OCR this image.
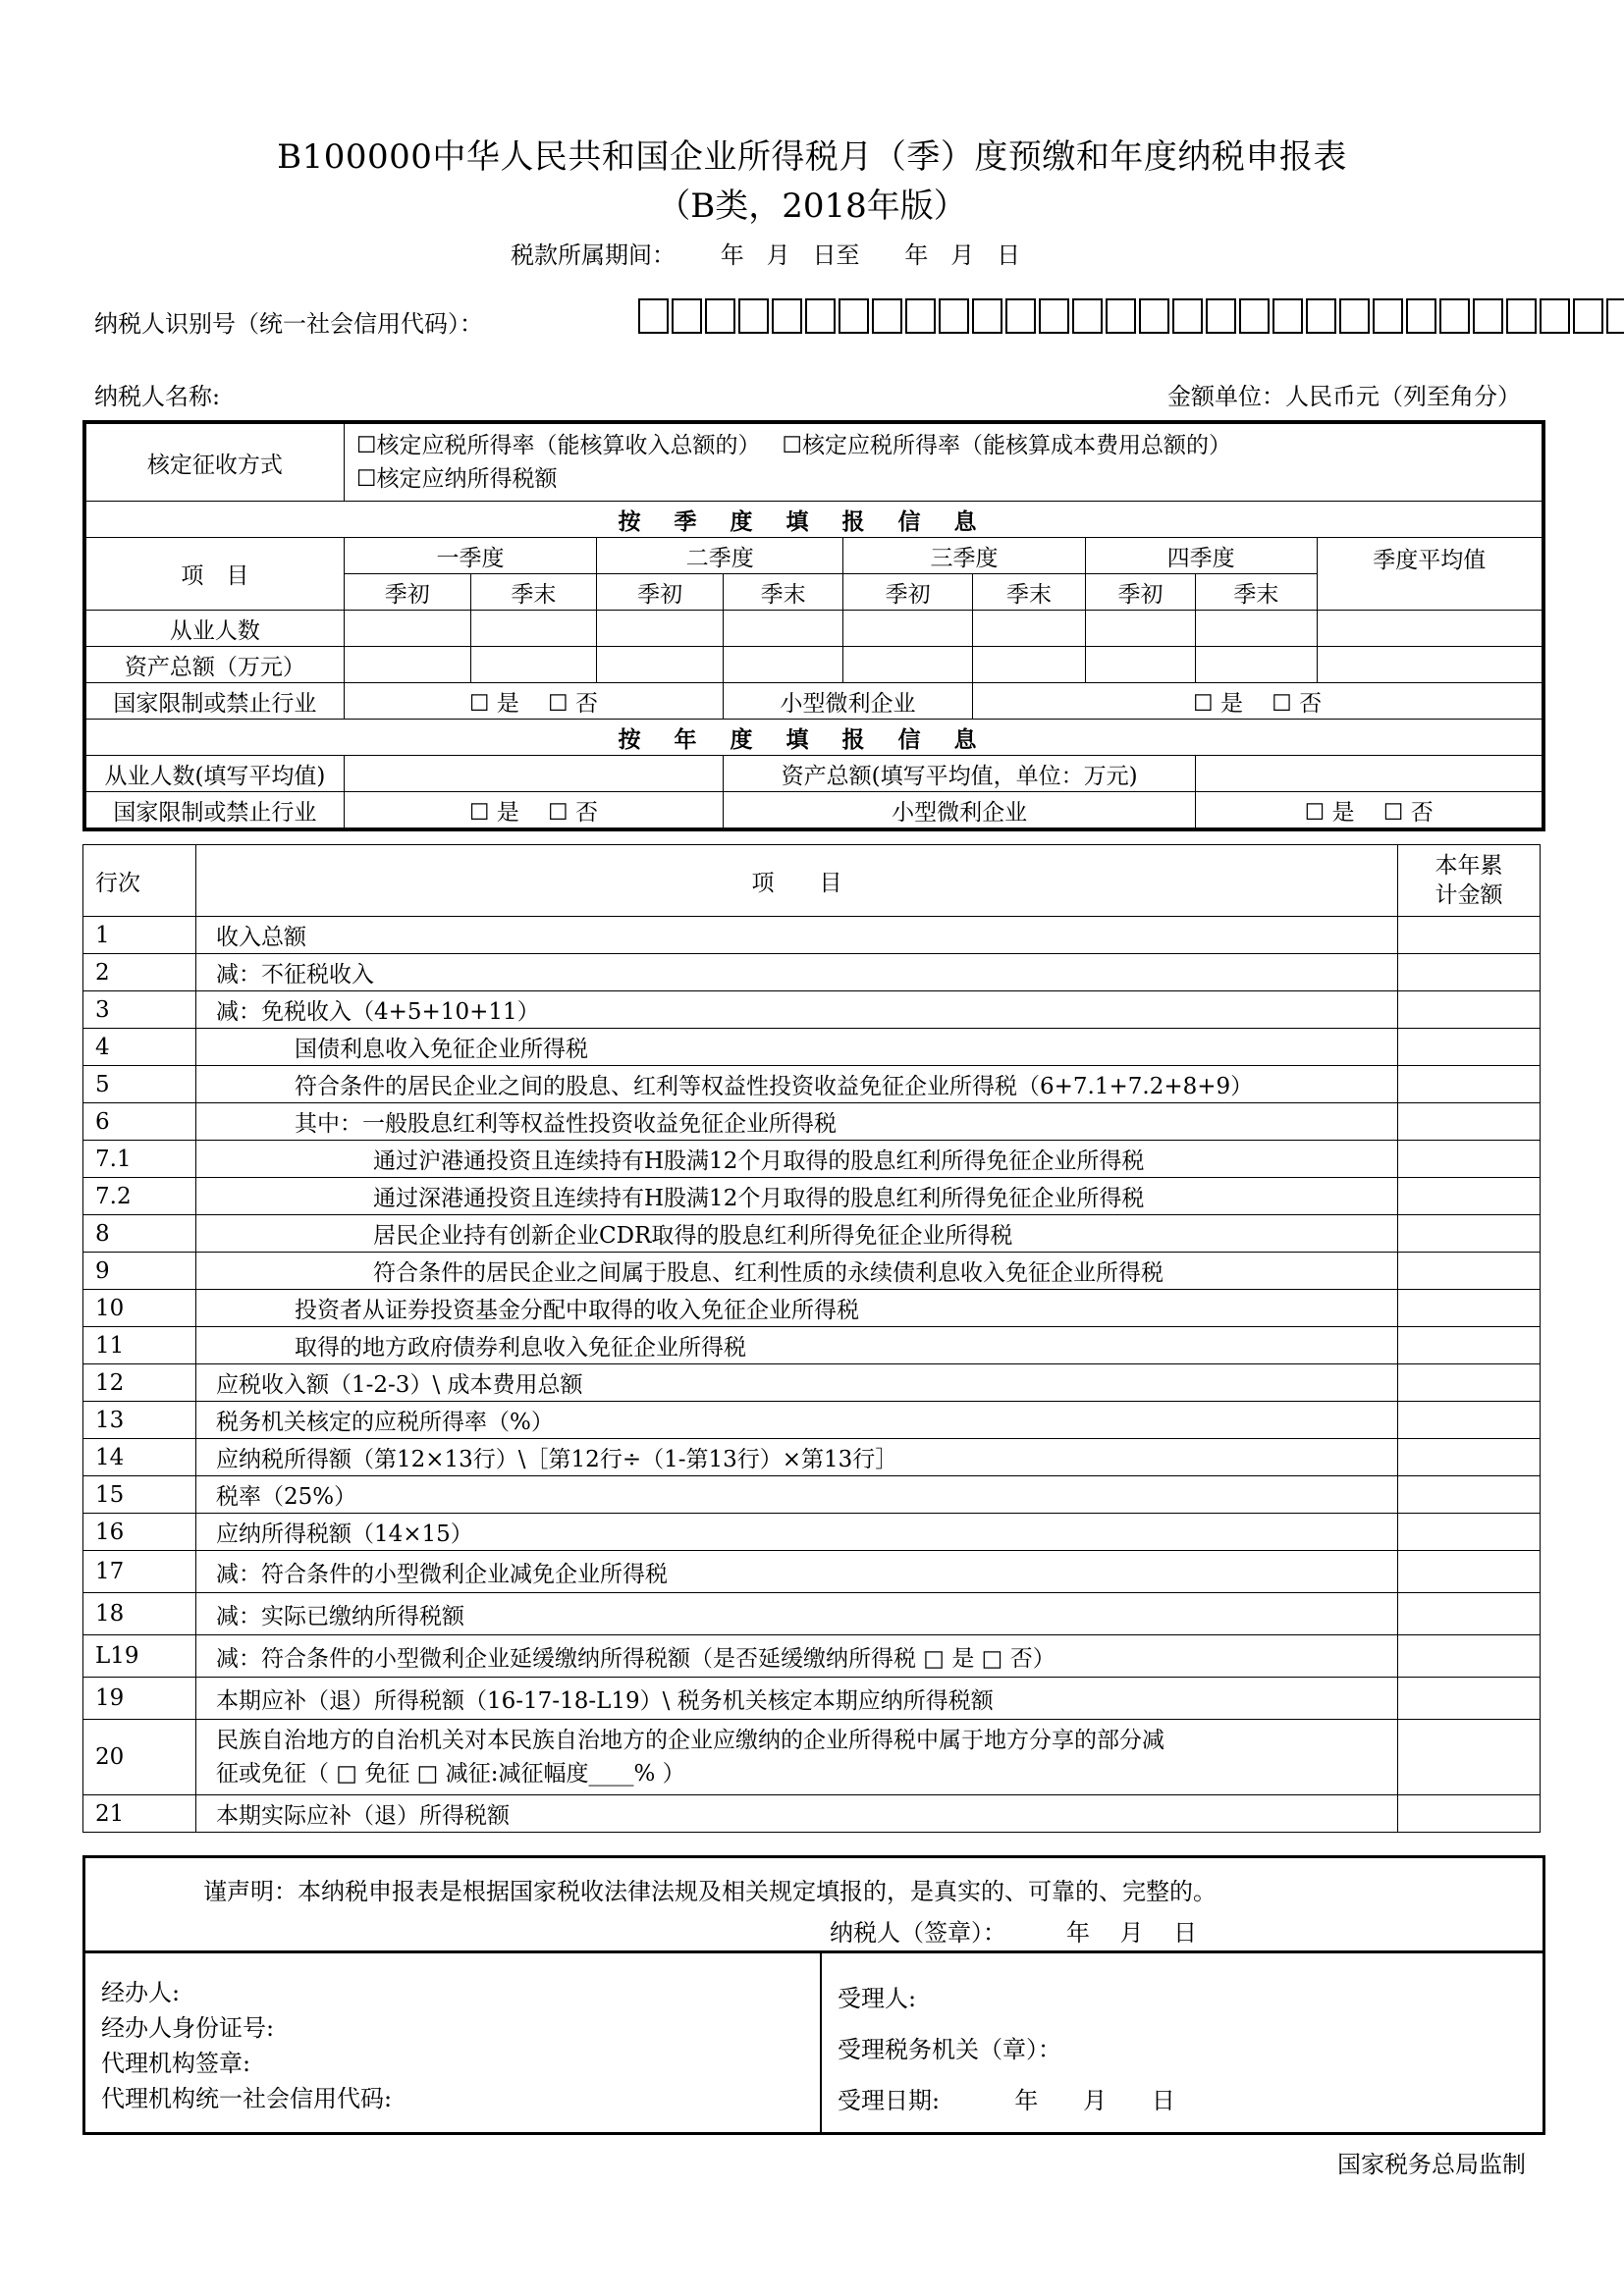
B100000中华人民共和国企业所得税月（季）度预缴和年度纳税申报表
（B类，2018年版）
税款所属期间：      年   月   日至      年   月   日
纳税人识别号（统一社会信用代码）：
纳税人名称:	金额单位：人民币元（列至角分）
核定征收方式	☐核定应税所得率（能核算收入总额的） ☐核定应税所得率（能核算成本费用总额的）
☐核定应纳所得税额								
按季度填报信息									
项　目	一季度		二季度		三季度		四季度		季度平均值
	季初	季末	季初	季末	季初	季末	季初	季末	
从业人数									
资产总额（万元）									
国家限制或禁止行业	☐ 是    ☐ 否			小型微利企业		☐ 是    ☐ 否			
按年度填报信息									
从业人数(填写平均值)				资产总额(填写平均值，单位：万元)					
国家限制或禁止行业	☐ 是    ☐ 否			小型微利企业				☐ 是    ☐ 否	
行次	项　　目	本年累
计金额
1	收入总额	
2	减：不征税收入	
3	减：免税收入（4+5+10+11）	
4	国债利息收入免征企业所得税	
5	符合条件的居民企业之间的股息、红利等权益性投资收益免征企业所得税（6+7.1+7.2+8+9）	
6	其中：一般股息红利等权益性投资收益免征企业所得税	
7.1	通过沪港通投资且连续持有H股满12个月取得的股息红利所得免征企业所得税	
7.2	通过深港通投资且连续持有H股满12个月取得的股息红利所得免征企业所得税	
8	居民企业持有创新企业CDR取得的股息红利所得免征企业所得税	
9	符合条件的居民企业之间属于股息、红利性质的永续债利息收入免征企业所得税	
10	投资者从证券投资基金分配中取得的收入免征企业所得税	
11	取得的地方政府债券利息收入免征企业所得税	
12	应税收入额（1-2-3）\ 成本费用总额	
13	税务机关核定的应税所得率（%）	
14	应纳税所得额（第12×13行）\［第12行÷（1-第13行）×第13行］	
15	税率（25%）	
16	应纳所得税额（14×15）	
17	减：符合条件的小型微利企业减免企业所得税	
18	减：实际已缴纳所得税额	
L19	减：符合条件的小型微利企业延缓缴纳所得税额（是否延缓缴纳所得税 □ 是 □ 否）	
19	本期应补（退）所得税额（16-17-18-L19）\ 税务机关核定本期应纳所得税额	
20	民族自治地方的自治机关对本民族自治地方的企业应缴纳的企业所得税中属于地方分享的部分减
征或免征（ □ 免征 □ 减征:减征幅度____% ）	
21	本期实际应补（退）所得税额	
谨声明：本纳税申报表是根据国家税收法律法规及相关规定填报的，是真实的、可靠的、完整的。
纳税人（签章）：        年    月    日
经办人:
经办人身份证号:
代理机构签章:
代理机构统一社会信用代码:
受理人:
受理税务机关（章）：
受理日期:          年      月      日
国家税务总局监制
